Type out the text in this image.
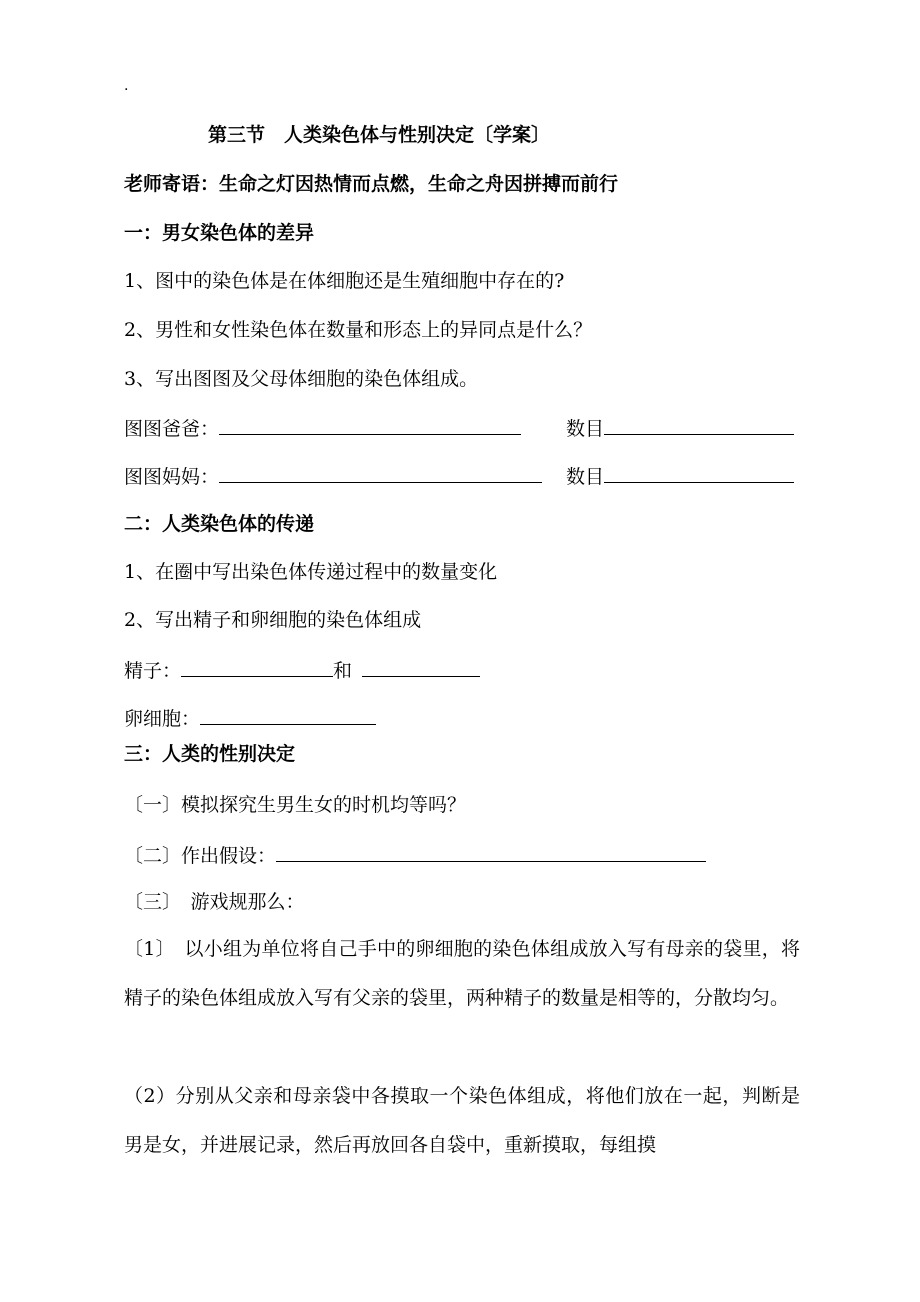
.
第三节　人类染色体与性别决定〔学案〕
老师寄语：生命之灯因热情而点燃，生命之舟因拼搏而前行
一：男女染色体的差异
1、图中的染色体是在体细胞还是生殖细胞中存在的?
2、男性和女性染色体在数量和形态上的异同点是什么？
3、写出图图及父母体细胞的染色体组成。
图图爸爸：	数目
图图妈妈：	数目
二：人类染色体的传递
1、在圈中写出染色体传递过程中的数量变化
2、写出精子和卵细胞的染色体组成
精子：	和
卵细胞：
三：人类的性别决定
〔一〕模拟探究生男生女的时机均等吗？
〔二〕作出假设：
〔三〕　游戏规那么：
〔1〕　以小组为单位将自己手中的卵细胞的染色体组成放入写有母亲的袋里，将精子的染色体组成放入写有父亲的袋里，两种精子的数量是相等的，分散均匀。
（2）分别从父亲和母亲袋中各摸取一个染色体组成，将他们放在一起，判断是男是女，并进展记录，然后再放回各自袋中，重新摸取，每组摸
